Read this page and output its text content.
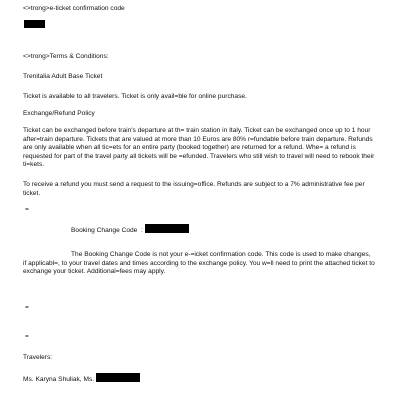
<>trong>e-ticket confirmation code
<>trong>Terms & Conditions:
Trenitalia Adult Base Ticket
Ticket is available to all travelers. Ticket is only avail=ble for online purchase.
Exchange/Refund Policy
Ticket can be exchanged before train's departure at th= train station in Italy. Ticket can be exchanged once up to 1 hour after=train departure. Tickets that are valued at more than 10 Euros are 80% r=fundable before train departure. Refunds are only available when all tic=ets for an entire party (booked together) are returned for a refund. Whe= a refund is requested for part of the travel party all tickets will be =efunded. Travelers who still wish to travel will need to rebook their ti=kets.
To receive a refund you must send a request to the issuing=office. Refunds are subject to a 7% administrative fee per ticket.
=
Booking Change Code  :
The Booking Change Code is not your e-=icket confirmation code. This code is used to make changes, if applicabl=, to your travel dates and times according to the exchange policy. You w=ll need to print the attached ticket to exchange your ticket. Additional=fees may apply.
=
=
Travelers:
Ms. Karyna Shuliak, Ms.
